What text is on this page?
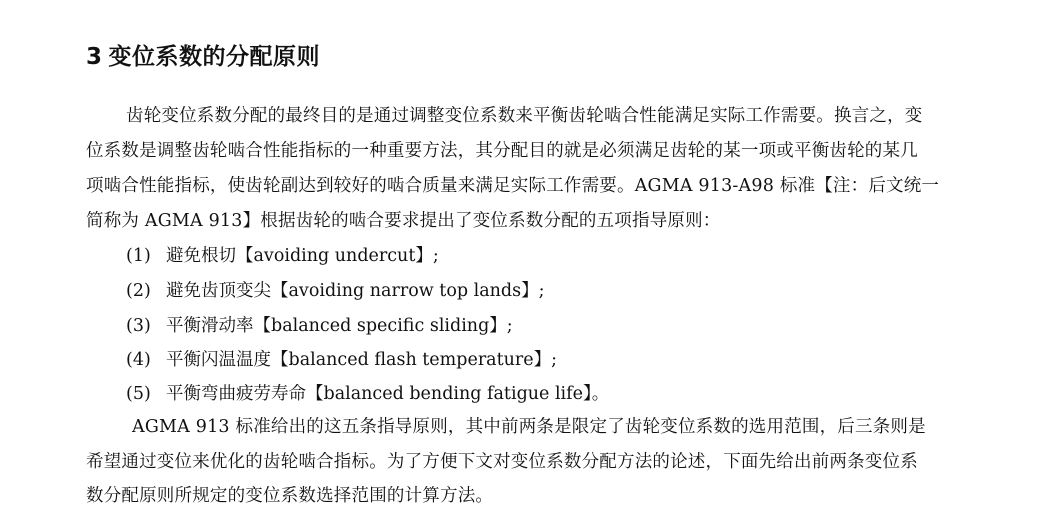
3 变位系数的分配原则
齿轮变位系数分配的最终目的是通过调整变位系数来平衡齿轮啮合性能满足实际工作需要。换言之，变
位系数是调整齿轮啮合性能指标的一种重要方法，其分配目的就是必须满足齿轮的某一项或平衡齿轮的某几
项啮合性能指标，使齿轮副达到较好的啮合质量来满足实际工作需要。AGMA 913-A98 标准【注：后文统一
简称为 AGMA 913】根据齿轮的啮合要求提出了变位系数分配的五项指导原则：
(1) 避免根切【avoiding undercut】;
(2) 避免齿顶变尖【avoiding narrow top lands】;
(3) 平衡滑动率【balanced specific sliding】;
(4) 平衡闪温温度【balanced flash temperature】;
(5) 平衡弯曲疲劳寿命【balanced bending fatigue life】。
AGMA 913 标准给出的这五条指导原则，其中前两条是限定了齿轮变位系数的选用范围，后三条则是
希望通过变位来优化的齿轮啮合指标。为了方便下文对变位系数分配方法的论述，下面先给出前两条变位系
数分配原则所规定的变位系数选择范围的计算方法。
